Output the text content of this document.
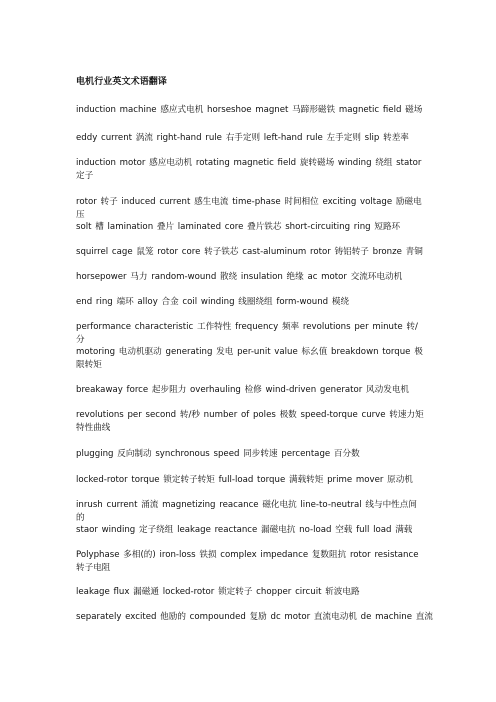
电机行业英文术语翻译
induction machine 感应式电机 horseshoe magnet 马蹄形磁铁 magnetic field 磁场
eddy current 涡流 right-hand rule 右手定则 left-hand rule 左手定则 slip 转差率
induction motor 感应电动机 rotating magnetic field 旋转磁场 winding 绕组 stator 定子
rotor 转子 induced current 感生电流 time-phase 时间相位 exciting voltage 励磁电压
solt 槽 lamination 叠片 laminated core 叠片铁芯 short-circuiting ring 短路环
squirrel cage 鼠笼 rotor core 转子铁芯 cast-aluminum rotor 铸铝转子 bronze 青铜
horsepower 马力 random-wound 散绕 insulation 绝缘 ac motor 交流环电动机
end ring 端环 alloy 合金 coil winding 线圈绕组 form-wound 模绕
performance characteristic 工作特性 frequency 频率 revolutions per minute 转/分
motoring 电动机驱动 generating 发电 per-unit value 标幺值 breakdown torque 极限转矩
breakaway force 起步阻力 overhauling 检修 wind-driven generator 风动发电机
revolutions per second 转/秒 number of poles 极数 speed-torque curve 转速力矩特性曲线
plugging 反向制动 synchronous speed 同步转速 percentage 百分数
locked-rotor torque 锁定转子转矩 full-load torque 满载转矩 prime mover 原动机
inrush current 涌流 magnetizing reacance 磁化电抗 line-to-neutral 线与中性点间的
staor winding 定子绕组 leakage reactance 漏磁电抗 no-load 空载 full load 满载
Polyphase 多相(的) iron-loss 铁损 complex impedance 复数阻抗 rotor resistance 转子电阻
leakage flux 漏磁通 locked-rotor 锁定转子 chopper circuit 斩波电路
separately excited 他励的 compounded 复励 dc motor 直流电动机 de machine 直流
